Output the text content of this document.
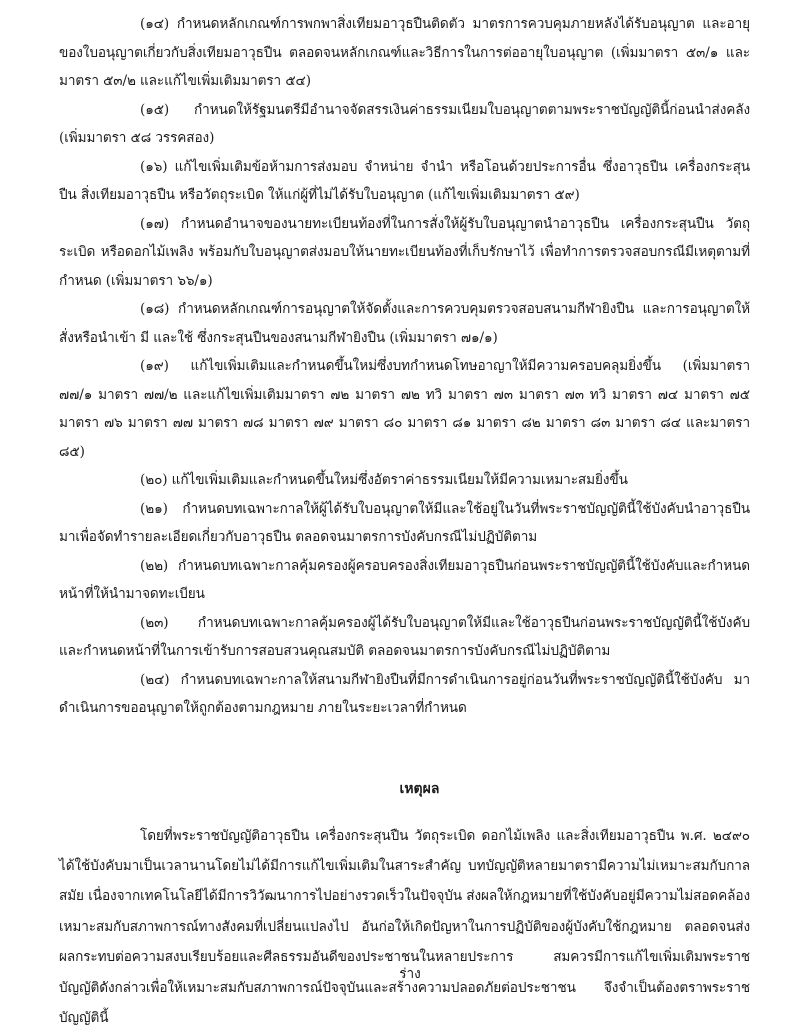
(๑๔) กำหนดหลักเกณฑ์การพกพาสิ่งเทียมอาวุธปืนติดตัว มาตรการควบคุมภายหลังได้รับอนุญาต และอายุของใบอนุญาตเกี่ยวกับสิ่งเทียมอาวุธปืน ตลอดจนหลักเกณฑ์และวิธีการในการต่ออายุใบอนุญาต (เพิ่มมาตรา ๕๓/๑ และมาตรา ๕๓/๒ และแก้ไขเพิ่มเติมมาตรา ๕๔)

(๑๕) กำหนดให้รัฐมนตรีมีอำนาจจัดสรรเงินค่าธรรมเนียมใบอนุญาตตามพระราชบัญญัตินี้ก่อนนำส่งคลัง (เพิ่มมาตรา ๕๘ วรรคสอง)

(๑๖) แก้ไขเพิ่มเติมข้อห้ามการส่งมอบ จำหน่าย จำนำ หรือโอนด้วยประการอื่น ซึ่งอาวุธปืน เครื่องกระสุนปืน สิ่งเทียมอาวุธปืน หรือวัตถุระเบิด ให้แก่ผู้ที่ไม่ได้รับใบอนุญาต (แก้ไขเพิ่มเติมมาตรา ๕๙)

(๑๗) กำหนดอำนาจของนายทะเบียนท้องที่ในการสั่งให้ผู้รับใบอนุญาตนำอาวุธปืน เครื่องกระสุนปืน วัตถุระเบิด หรือดอกไม้เพลิง พร้อมกับใบอนุญาตส่งมอบให้นายทะเบียนท้องที่เก็บรักษาไว้ เพื่อทำการตรวจสอบกรณีมีเหตุตามที่กำหนด (เพิ่มมาตรา ๖๖/๑)

(๑๘) กำหนดหลักเกณฑ์การอนุญาตให้จัดตั้งและการควบคุมตรวจสอบสนามกีฬายิงปืน และการอนุญาตให้สั่งหรือนำเข้า มี และใช้ ซึ่งกระสุนปืนของสนามกีฬายิงปืน (เพิ่มมาตรา ๗๑/๑)

(๑๙) แก้ไขเพิ่มเติมและกำหนดขึ้นใหม่ซึ่งบทกำหนดโทษอาญาให้มีความครอบคลุมยิ่งขึ้น (เพิ่มมาตรา ๗๗/๑ มาตรา ๗๗/๒ และแก้ไขเพิ่มเติมมาตรา ๗๒ มาตรา ๗๒ ทวิ มาตรา ๗๓ มาตรา ๗๓ ทวิ มาตรา ๗๔ มาตรา ๗๕ มาตรา ๗๖ มาตรา ๗๗ มาตรา ๗๘ มาตรา ๗๙ มาตรา ๘๐ มาตรา ๘๑ มาตรา ๘๒ มาตรา ๘๓ มาตรา ๘๔ และมาตรา ๘๕)

(๒๐) แก้ไขเพิ่มเติมและกำหนดขึ้นใหม่ซึ่งอัตราค่าธรรมเนียมให้มีความเหมาะสมยิ่งขึ้น

(๒๑) กำหนดบทเฉพาะกาลให้ผู้ได้รับใบอนุญาตให้มีและใช้อยู่ในวันที่พระราชบัญญัตินี้ใช้บังคับนำอาวุธปืนมาเพื่อจัดทำรายละเอียดเกี่ยวกับอาวุธปืน ตลอดจนมาตรการบังคับกรณีไม่ปฏิบัติตาม

(๒๒) กำหนดบทเฉพาะกาลคุ้มครองผู้ครอบครองสิ่งเทียมอาวุธปืนก่อนพระราชบัญญัตินี้ใช้บังคับและกำหนดหน้าที่ให้นำมาจดทะเบียน

(๒๓) กำหนดบทเฉพาะกาลคุ้มครองผู้ได้รับใบอนุญาตให้มีและใช้อาวุธปืนก่อนพระราชบัญญัตินี้ใช้บังคับ และกำหนดหน้าที่ในการเข้ารับการสอบสวนคุณสมบัติ ตลอดจนมาตรการบังคับกรณีไม่ปฏิบัติตาม

(๒๔) กำหนดบทเฉพาะกาลให้สนามกีฬายิงปืนที่มีการดำเนินการอยู่ก่อนวันที่พระราชบัญญัตินี้ใช้บังคับ มาดำเนินการขออนุญาตให้ถูกต้องตามกฎหมาย ภายในระยะเวลาที่กำหนด

เหตุผล

โดยที่พระราชบัญญัติอาวุธปืน เครื่องกระสุนปืน วัตถุระเบิด ดอกไม้เพลิง และสิ่งเทียมอาวุธปืน พ.ศ. ๒๔๙๐ ได้ใช้บังคับมาเป็นเวลานานโดยไม่ได้มีการแก้ไขเพิ่มเติมในสาระสำคัญ บทบัญญัติหลายมาตรามีความไม่เหมาะสมกับกาลสมัย เนื่องจากเทคโนโลยีได้มีการวิวัฒนาการไปอย่างรวดเร็วในปัจจุบัน ส่งผลให้กฎหมายที่ใช้บังคับอยู่มีความไม่สอดคล้องเหมาะสมกับสภาพการณ์ทางสังคมที่เปลี่ยนแปลงไป อันก่อให้เกิดปัญหาในการปฏิบัติของผู้บังคับใช้กฎหมาย ตลอดจนส่งผลกระทบต่อความสงบเรียบร้อยและศีลธรรมอันดีของประชาชนในหลายประการ สมควรมีการแก้ไขเพิ่มเติมพระราชบัญญัติดังกล่าวเพื่อให้เหมาะสมกับสภาพการณ์ปัจจุบันและสร้างความปลอดภัยต่อประชาชน จึงจำเป็นต้องตราพระราชบัญญัตินี้

ร่าง
